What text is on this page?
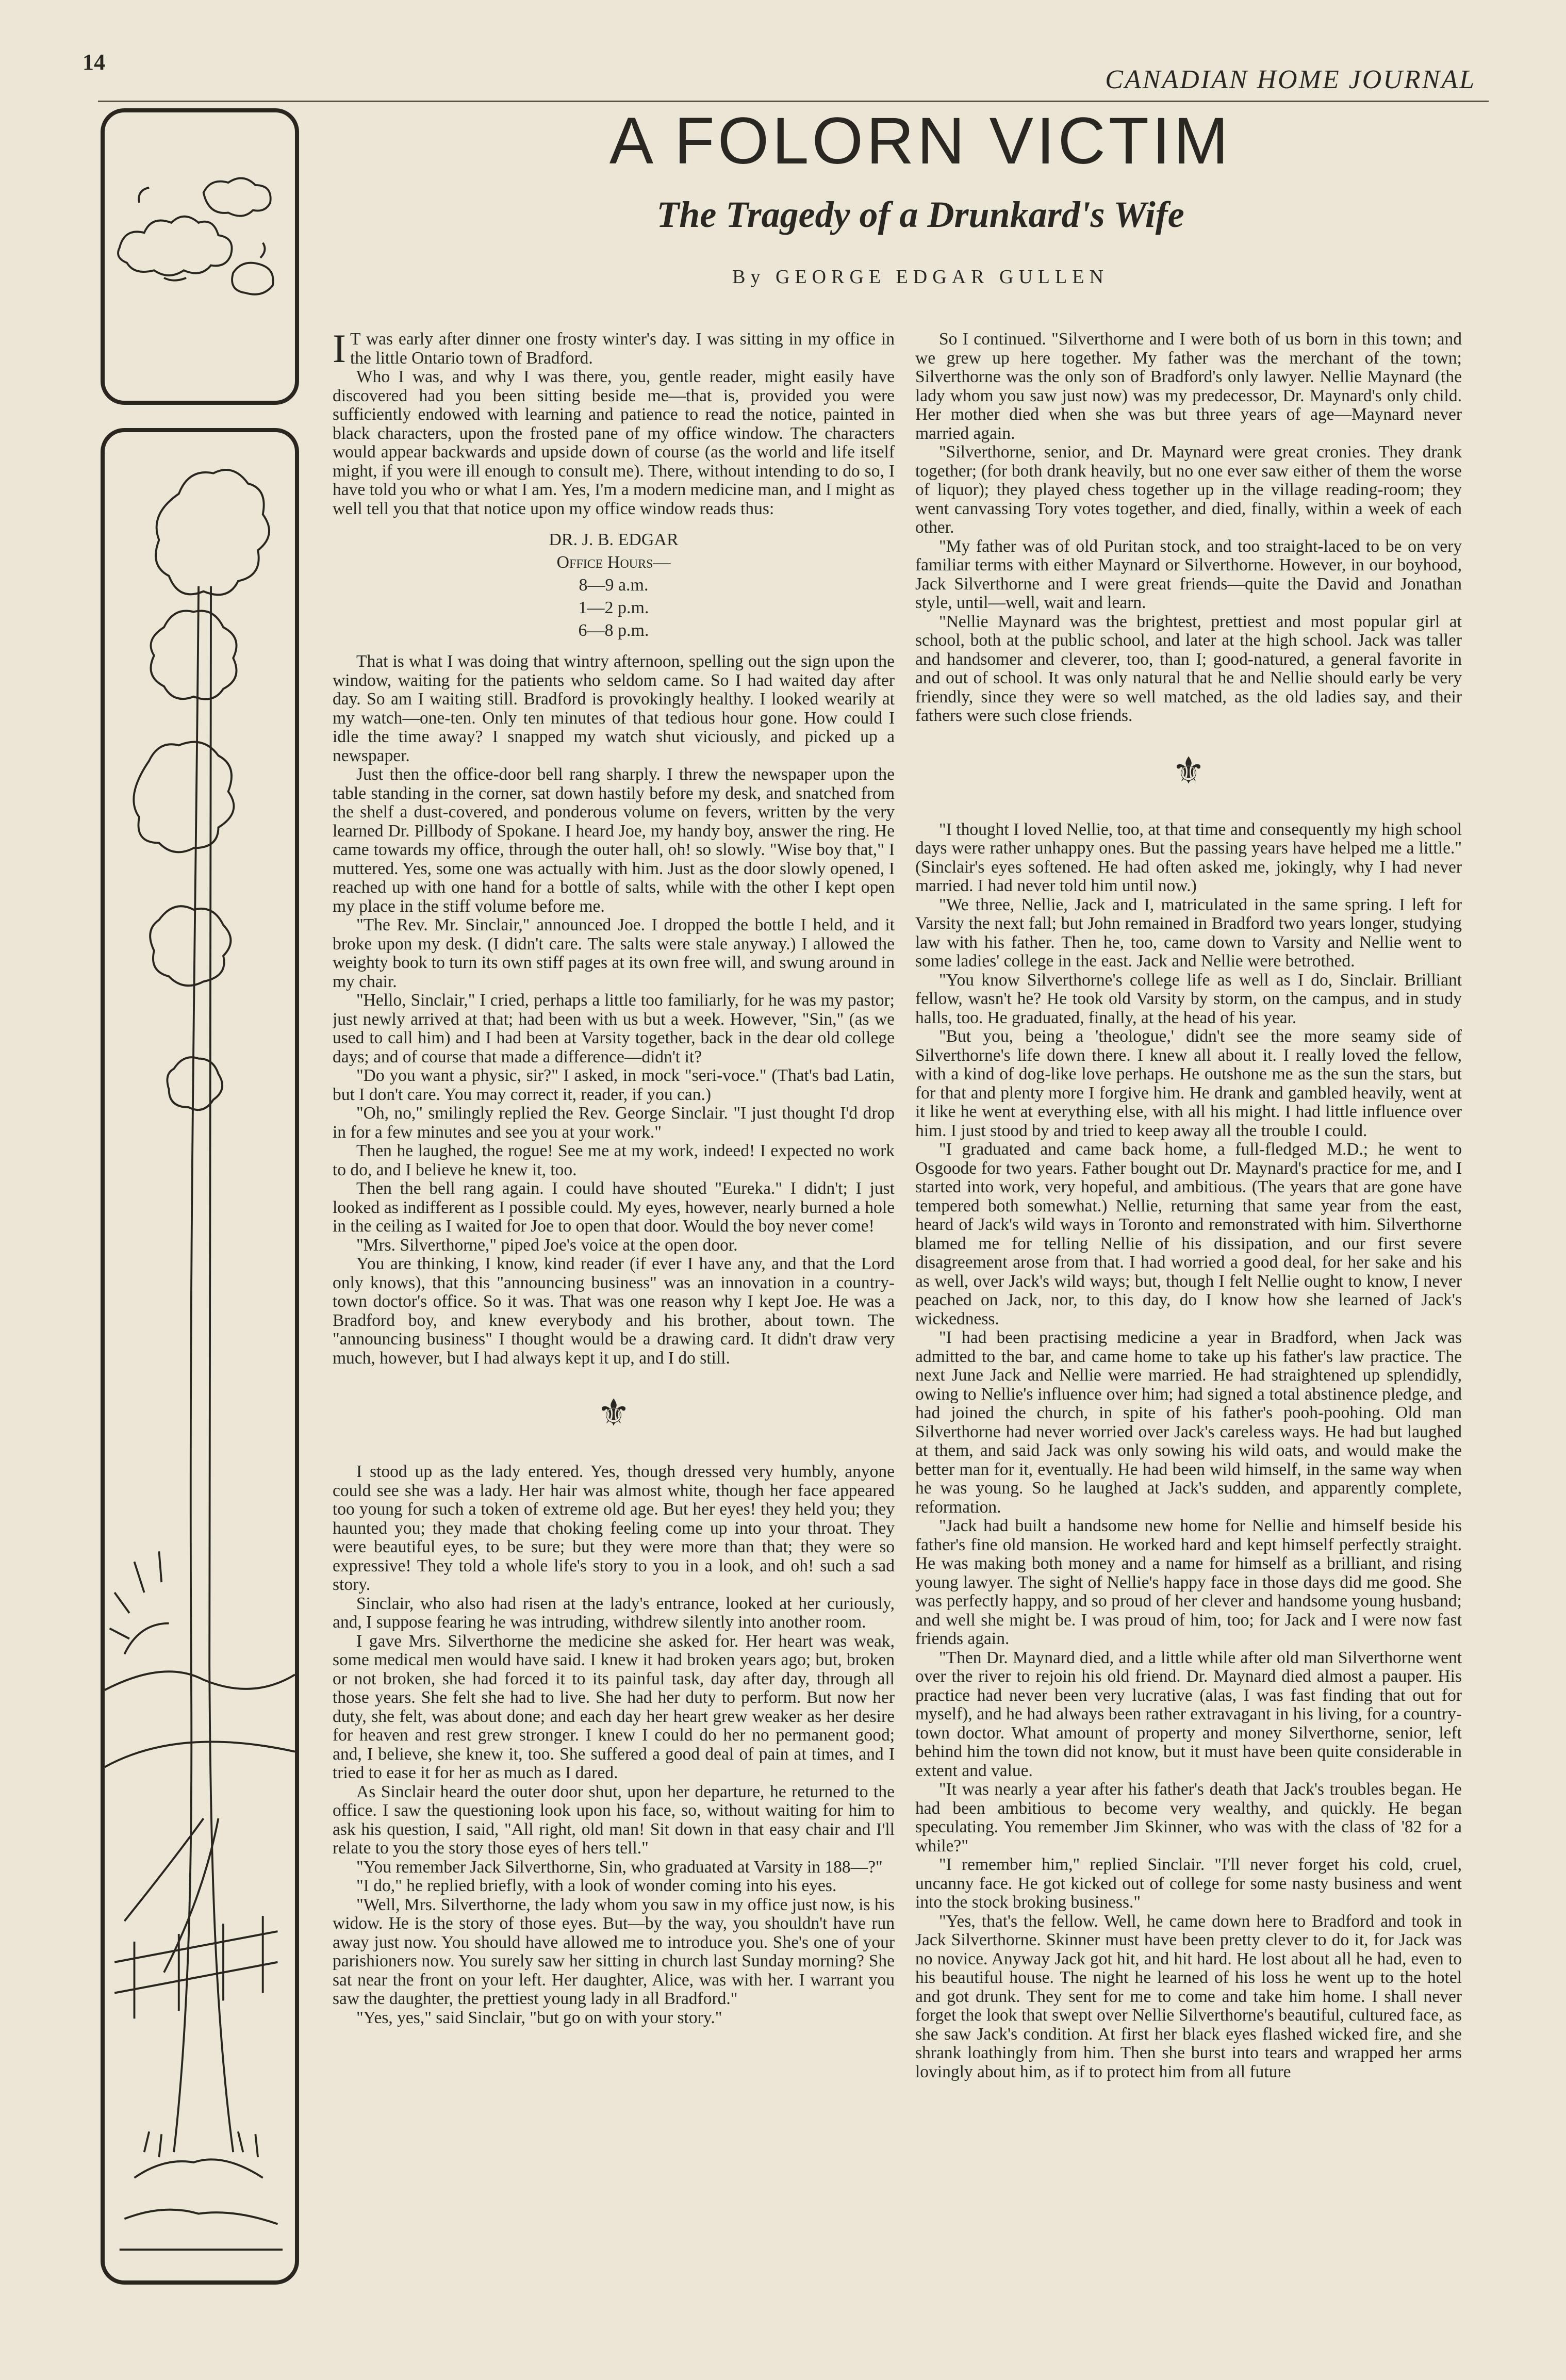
14
CANADIAN HOME JOURNAL
A FOLORN VICTIM
The Tragedy of a Drunkard's Wife
By GEORGE EDGAR GULLEN

IT was early after dinner one frosty winter's day. I was sitting in my office in the little Ontario town of Bradford.

Who I was, and why I was there, you, gentle reader, might easily have discovered had you been sitting beside me—that is, provided you were sufficiently endowed with learning and patience to read the notice, painted in black characters, upon the frosted pane of my office window. The characters would appear backwards and upside down of course (as the world and life itself might, if you were ill enough to consult me). There, without intending to do so, I have told you who or what I am. Yes, I'm a modern medicine man, and I might as well tell you that that notice upon my office window reads thus:

DR. J. B. EDGAR
Office Hours—
8—9 a.m.
1—2 p.m.
6—8 p.m.

That is what I was doing that wintry afternoon, spelling out the sign upon the window, waiting for the patients who seldom came. So I had waited day after day. So am I waiting still. Bradford is provokingly healthy. I looked wearily at my watch—one-ten. Only ten minutes of that tedious hour gone. How could I idle the time away? I snapped my watch shut viciously, and picked up a newspaper.

Just then the office-door bell rang sharply. I threw the newspaper upon the table standing in the corner, sat down hastily before my desk, and snatched from the shelf a dust-covered, and ponderous volume on fevers, written by the very learned Dr. Pillbody of Spokane. I heard Joe, my handy boy, answer the ring. He came towards my office, through the outer hall, oh! so slowly. "Wise boy that," I muttered. Yes, some one was actually with him. Just as the door slowly opened, I reached up with one hand for a bottle of salts, while with the other I kept open my place in the stiff volume before me.

"The Rev. Mr. Sinclair," announced Joe. I dropped the bottle I held, and it broke upon my desk. (I didn't care. The salts were stale anyway.) I allowed the weighty book to turn its own stiff pages at its own free will, and swung around in my chair.

"Hello, Sinclair," I cried, perhaps a little too familiarly, for he was my pastor; just newly arrived at that; had been with us but a week. However, "Sin," (as we used to call him) and I had been at Varsity together, back in the dear old college days; and of course that made a difference—didn't it?

"Do you want a physic, sir?" I asked, in mock "seri-voce." (That's bad Latin, but I don't care. You may correct it, reader, if you can.)

"Oh, no," smilingly replied the Rev. George Sinclair. "I just thought I'd drop in for a few minutes and see you at your work."

Then he laughed, the rogue! See me at my work, indeed! I expected no work to do, and I believe he knew it, too.

Then the bell rang again. I could have shouted "Eureka." I didn't; I just looked as indifferent as I possible could. My eyes, however, nearly burned a hole in the ceiling as I waited for Joe to open that door. Would the boy never come!

"Mrs. Silverthorne," piped Joe's voice at the open door.

You are thinking, I know, kind reader (if ever I have any, and that the Lord only knows), that this "announcing business" was an innovation in a country-town doctor's office. So it was. That was one reason why I kept Joe. He was a Bradford boy, and knew everybody and his brother, about town. The "announcing business" I thought would be a drawing card. It didn't draw very much, however, but I had always kept it up, and I do still.

⚜

I stood up as the lady entered. Yes, though dressed very humbly, anyone could see she was a lady. Her hair was almost white, though her face appeared too young for such a token of extreme old age. But her eyes! they held you; they haunted you; they made that choking feeling come up into your throat. They were beautiful eyes, to be sure; but they were more than that; they were so expressive! They told a whole life's story to you in a look, and oh! such a sad story.

Sinclair, who also had risen at the lady's entrance, looked at her curiously, and, I suppose fearing he was intruding, withdrew silently into another room.

I gave Mrs. Silverthorne the medicine she asked for. Her heart was weak, some medical men would have said. I knew it had broken years ago; but, broken or not broken, she had forced it to its painful task, day after day, through all those years. She felt she had to live. She had her duty to perform. But now her duty, she felt, was about done; and each day her heart grew weaker as her desire for heaven and rest grew stronger. I knew I could do her no permanent good; and, I believe, she knew it, too. She suffered a good deal of pain at times, and I tried to ease it for her as much as I dared.

As Sinclair heard the outer door shut, upon her departure, he returned to the office. I saw the questioning look upon his face, so, without waiting for him to ask his question, I said, "All right, old man! Sit down in that easy chair and I'll relate to you the story those eyes of hers tell."

"You remember Jack Silverthorne, Sin, who graduated at Varsity in 188—?"

"I do," he replied briefly, with a look of wonder coming into his eyes.

"Well, Mrs. Silverthorne, the lady whom you saw in my office just now, is his widow. He is the story of those eyes. But—by the way, you shouldn't have run away just now. You should have allowed me to introduce you. She's one of your parishioners now. You surely saw her sitting in church last Sunday morning? She sat near the front on your left. Her daughter, Alice, was with her. I warrant you saw the daughter, the prettiest young lady in all Bradford."

"Yes, yes," said Sinclair, "but go on with your story."

So I continued. "Silverthorne and I were both of us born in this town; and we grew up here together. My father was the merchant of the town; Silverthorne was the only son of Bradford's only lawyer. Nellie Maynard (the lady whom you saw just now) was my predecessor, Dr. Maynard's only child. Her mother died when she was but three years of age—Maynard never married again.

"Silverthorne, senior, and Dr. Maynard were great cronies. They drank together; (for both drank heavily, but no one ever saw either of them the worse of liquor); they played chess together up in the village reading-room; they went canvassing Tory votes together, and died, finally, within a week of each other.

"My father was of old Puritan stock, and too straight-laced to be on very familiar terms with either Maynard or Silverthorne. However, in our boyhood, Jack Silverthorne and I were great friends—quite the David and Jonathan style, until—well, wait and learn.

"Nellie Maynard was the brightest, prettiest and most popular girl at school, both at the public school, and later at the high school. Jack was taller and handsomer and cleverer, too, than I; good-natured, a general favorite in and out of school. It was only natural that he and Nellie should early be very friendly, since they were so well matched, as the old ladies say, and their fathers were such close friends.

⚜

"I thought I loved Nellie, too, at that time and consequently my high school days were rather unhappy ones. But the passing years have helped me a little." (Sinclair's eyes softened. He had often asked me, jokingly, why I had never married. I had never told him until now.)

"We three, Nellie, Jack and I, matriculated in the same spring. I left for Varsity the next fall; but John remained in Bradford two years longer, studying law with his father. Then he, too, came down to Varsity and Nellie went to some ladies' college in the east. Jack and Nellie were betrothed.

"You know Silverthorne's college life as well as I do, Sinclair. Brilliant fellow, wasn't he? He took old Varsity by storm, on the campus, and in study halls, too. He graduated, finally, at the head of his year.

"But you, being a 'theologue,' didn't see the more seamy side of Silverthorne's life down there. I knew all about it. I really loved the fellow, with a kind of dog-like love perhaps. He outshone me as the sun the stars, but for that and plenty more I forgive him. He drank and gambled heavily, went at it like he went at everything else, with all his might. I had little influence over him. I just stood by and tried to keep away all the trouble I could.

"I graduated and came back home, a full-fledged M.D.; he went to Osgoode for two years. Father bought out Dr. Maynard's practice for me, and I started into work, very hopeful, and ambitious. (The years that are gone have tempered both somewhat.) Nellie, returning that same year from the east, heard of Jack's wild ways in Toronto and remonstrated with him. Silverthorne blamed me for telling Nellie of his dissipation, and our first severe disagreement arose from that. I had worried a good deal, for her sake and his as well, over Jack's wild ways; but, though I felt Nellie ought to know, I never peached on Jack, nor, to this day, do I know how she learned of Jack's wickedness.

"I had been practising medicine a year in Bradford, when Jack was admitted to the bar, and came home to take up his father's law practice. The next June Jack and Nellie were married. He had straightened up splendidly, owing to Nellie's influence over him; had signed a total abstinence pledge, and had joined the church, in spite of his father's pooh-poohing. Old man Silverthorne had never worried over Jack's careless ways. He had but laughed at them, and said Jack was only sowing his wild oats, and would make the better man for it, eventually. He had been wild himself, in the same way when he was young. So he laughed at Jack's sudden, and apparently complete, reformation.

"Jack had built a handsome new home for Nellie and himself beside his father's fine old mansion. He worked hard and kept himself perfectly straight. He was making both money and a name for himself as a brilliant, and rising young lawyer. The sight of Nellie's happy face in those days did me good. She was perfectly happy, and so proud of her clever and handsome young husband; and well she might be. I was proud of him, too; for Jack and I were now fast friends again.

"Then Dr. Maynard died, and a little while after old man Silverthorne went over the river to rejoin his old friend. Dr. Maynard died almost a pauper. His practice had never been very lucrative (alas, I was fast finding that out for myself), and he had always been rather extravagant in his living, for a country-town doctor. What amount of property and money Silverthorne, senior, left behind him the town did not know, but it must have been quite considerable in extent and value.

"It was nearly a year after his father's death that Jack's troubles began. He had been ambitious to become very wealthy, and quickly. He began speculating. You remember Jim Skinner, who was with the class of '82 for a while?"

"I remember him," replied Sinclair. "I'll never forget his cold, cruel, uncanny face. He got kicked out of college for some nasty business and went into the stock broking business."

"Yes, that's the fellow. Well, he came down here to Bradford and took in Jack Silverthorne. Skinner must have been pretty clever to do it, for Jack was no novice. Anyway Jack got hit, and hit hard. He lost about all he had, even to his beautiful house. The night he learned of his loss he went up to the hotel and got drunk. They sent for me to come and take him home. I shall never forget the look that swept over Nellie Silverthorne's beautiful, cultured face, as she saw Jack's condition. At first her black eyes flashed wicked fire, and she shrank loathingly from him. Then she burst into tears and wrapped her arms lovingly about him, as if to protect him from all future
